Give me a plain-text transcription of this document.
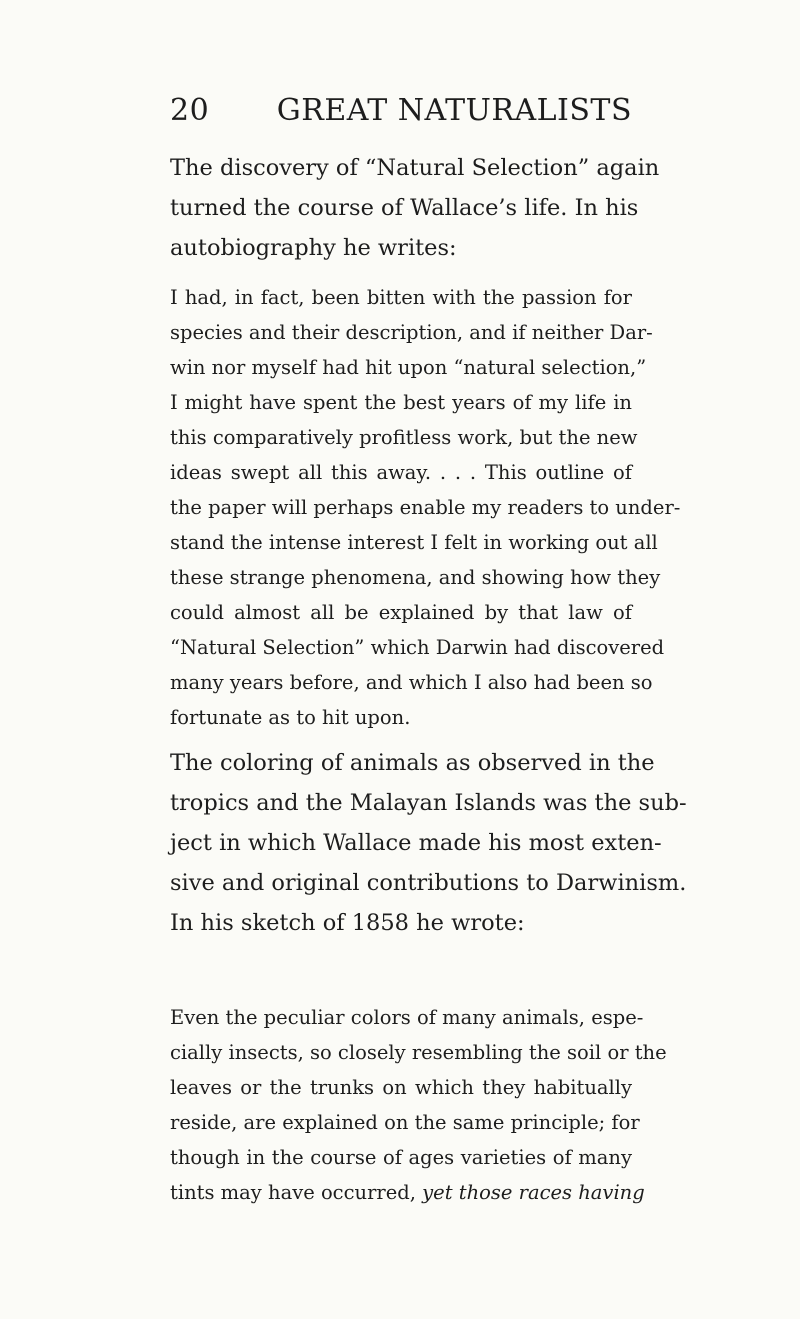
20 GREAT NATURALISTS
The discovery of “Natural Selection” again
turned the course of Wallace’s life. In his
autobiography he writes:
I had, in fact, been bitten with the passion for
species and their description, and if neither Dar-
win nor myself had hit upon “natural selection,”
I might have spent the best years of my life in
this comparatively profitless work, but the new
ideas swept all this away. . . . This outline of
the paper will perhaps enable my readers to under-
stand the intense interest I felt in working out all
these strange phenomena, and showing how they
could almost all be explained by that law of
“Natural Selection” which Darwin had discovered
many years before, and which I also had been so
fortunate as to hit upon.
The coloring of animals as observed in the
tropics and the Malayan Islands was the sub-
ject in which Wallace made his most exten-
sive and original contributions to Darwinism.
In his sketch of 1858 he wrote:
Even the peculiar colors of many animals, espe-
cially insects, so closely resembling the soil or the
leaves or the trunks on which they habitually
reside, are explained on the same principle; for
though in the course of ages varieties of many
tints may have occurred, yet those races having
